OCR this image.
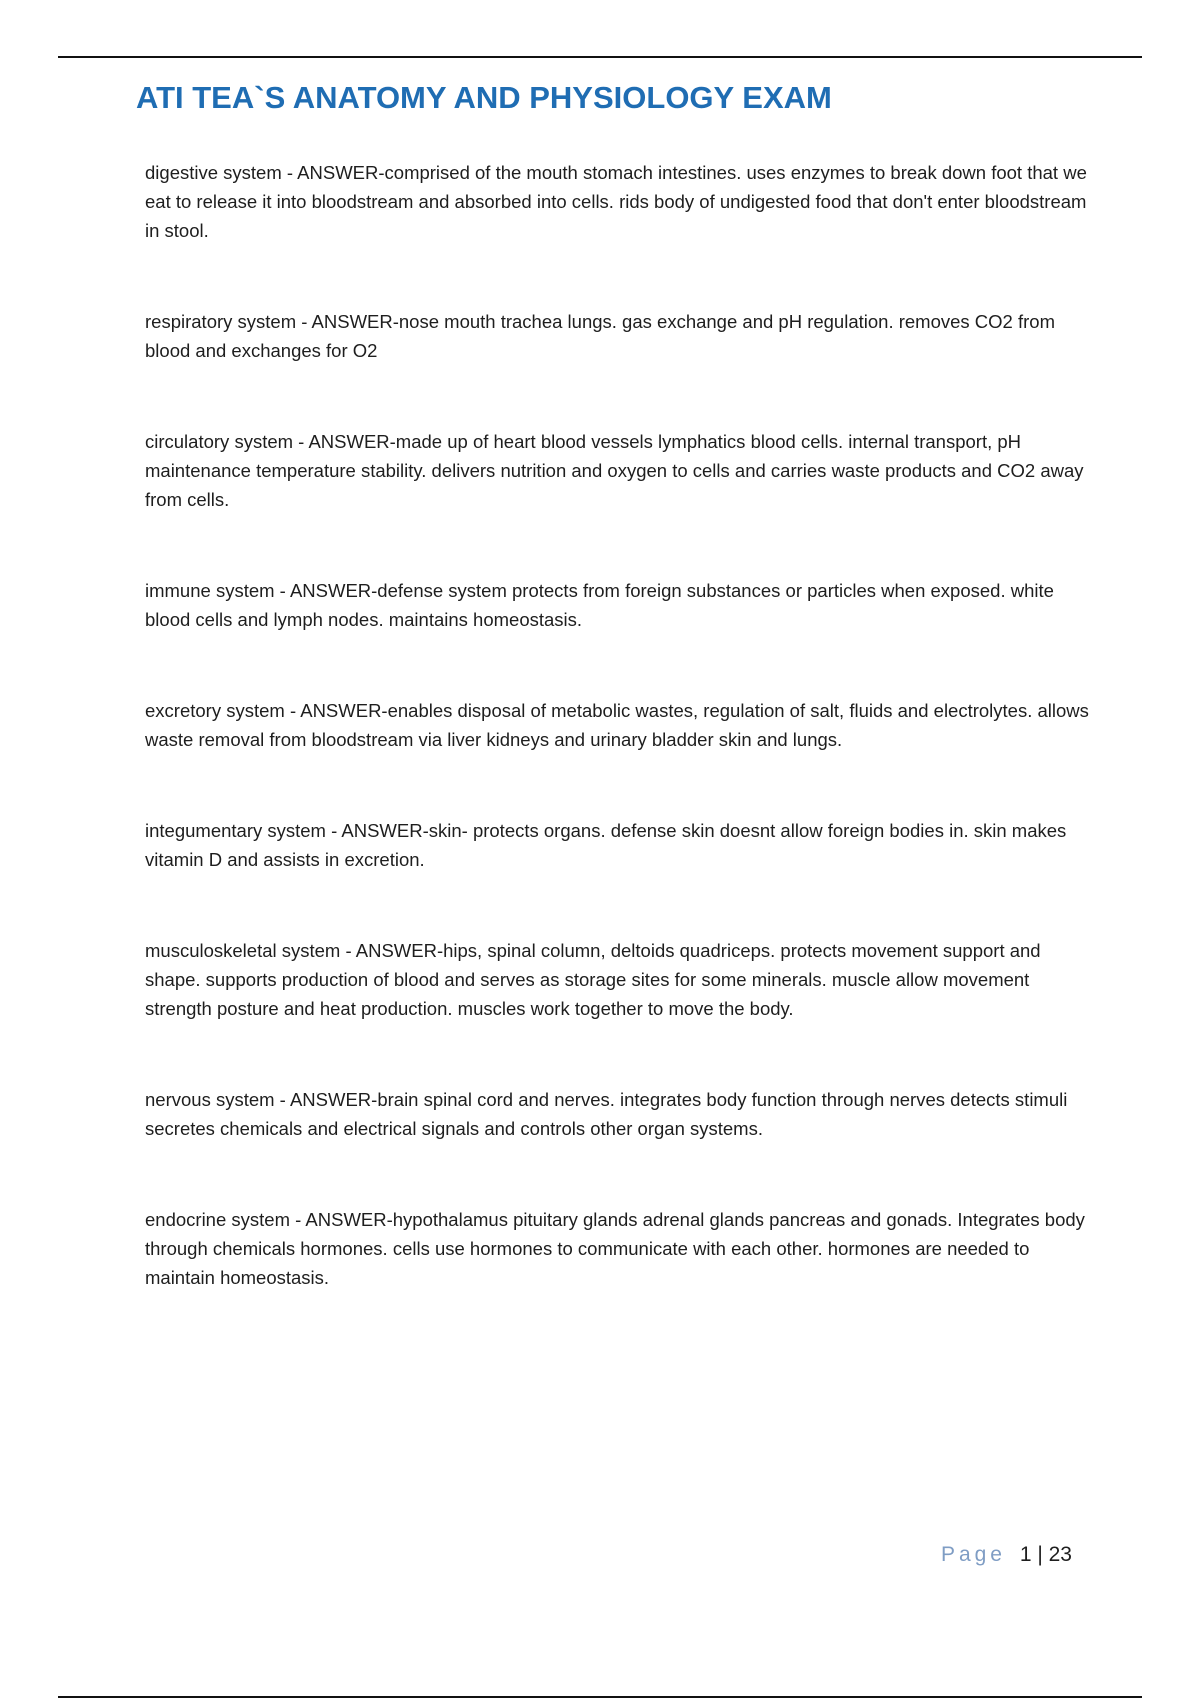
ATI TEA`S ANATOMY AND PHYSIOLOGY EXAM

digestive system - ANSWER-comprised of the mouth stomach intestines. uses enzymes to break down foot that we eat to release it into bloodstream and absorbed into cells. rids body of undigested food that don't enter bloodstream in stool.

respiratory system - ANSWER-nose mouth trachea lungs. gas exchange and pH regulation. removes CO2 from blood and exchanges for O2

circulatory system - ANSWER-made up of heart blood vessels lymphatics blood cells. internal transport, pH maintenance temperature stability. delivers nutrition and oxygen to cells and carries waste products and CO2 away from cells.

immune system - ANSWER-defense system protects from foreign substances or particles when exposed. white blood cells and lymph nodes. maintains homeostasis.

excretory system - ANSWER-enables disposal of metabolic wastes, regulation of salt, fluids and electrolytes. allows waste removal from bloodstream via liver kidneys and urinary bladder skin and lungs.

integumentary system - ANSWER-skin- protects organs. defense skin doesnt allow foreign bodies in. skin makes vitamin D and assists in excretion.

musculoskeletal system - ANSWER-hips, spinal column, deltoids quadriceps. protects movement support and shape. supports production of blood and serves as storage sites for some minerals. muscle allow movement strength posture and heat production. muscles work together to move the body.

nervous system - ANSWER-brain spinal cord and nerves. integrates body function through nerves detects stimuli secretes chemicals and electrical signals and controls other organ systems.

endocrine system - ANSWER-hypothalamus pituitary glands adrenal glands pancreas and gonads. Integrates body through chemicals hormones. cells use hormones to communicate with each other. hormones are needed to maintain homeostasis.

Page 1 | 23
